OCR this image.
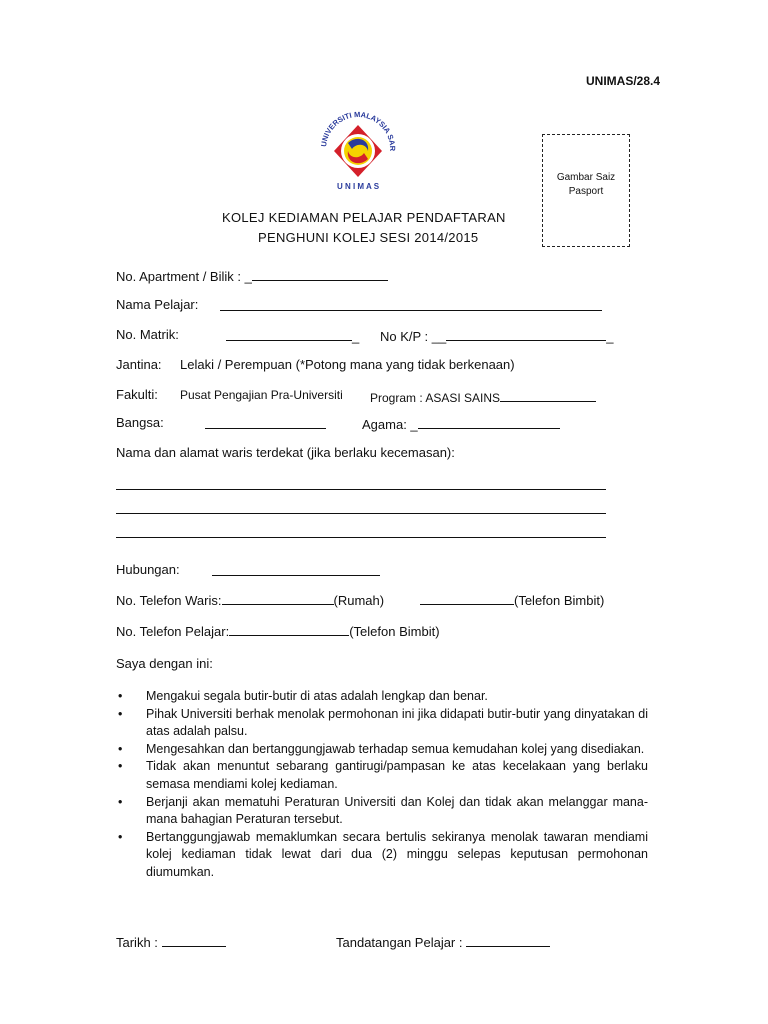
UNIMAS/28.4
UNIVERSITI MALAYSIA SAR
U N I M A S
Gambar Saiz
Pasport
KOLEJ KEDIAMAN PELAJAR PENDAFTARAN
PENGHUNI KOLEJ SESI 2014/2015
No. Apartment / Bilik : _
Nama Pelajar:
No. Matrik:	_ No K/P : __	_
Jantina: Lelaki / Perempuan (*Potong mana yang tidak berkenaan)
Fakulti: Pusat Pengajian Pra-Universiti Program : ASASI SAINS
Bangsa:	Agama: _
Nama dan alamat waris terdekat (jika berlaku kecemasan):
Hubungan:
No. Telefon Waris:	(Rumah)	(Telefon Bimbit)
No. Telefon Pelajar:	(Telefon Bimbit)
Saya dengan ini:
• Mengakui segala butir-butir di atas adalah lengkap dan benar.
• Pihak Universiti berhak menolak permohonan ini jika didapati butir-butir yang dinyatakan di atas adalah palsu.
• Mengesahkan dan bertanggungjawab terhadap semua kemudahan kolej yang disediakan.
• Tidak akan menuntut sebarang gantirugi/pampasan ke atas kecelakaan yang berlaku semasa mendiami kolej kediaman.
• Berjanji akan mematuhi Peraturan Universiti dan Kolej dan tidak akan melanggar mana-mana bahagian Peraturan tersebut.
• Bertanggungjawab memaklumkan secara bertulis sekiranya menolak tawaran mendiami kolej kediaman tidak lewat dari dua (2) minggu selepas keputusan permohonan diumumkan.
Tarikh :	Tandatangan Pelajar :
